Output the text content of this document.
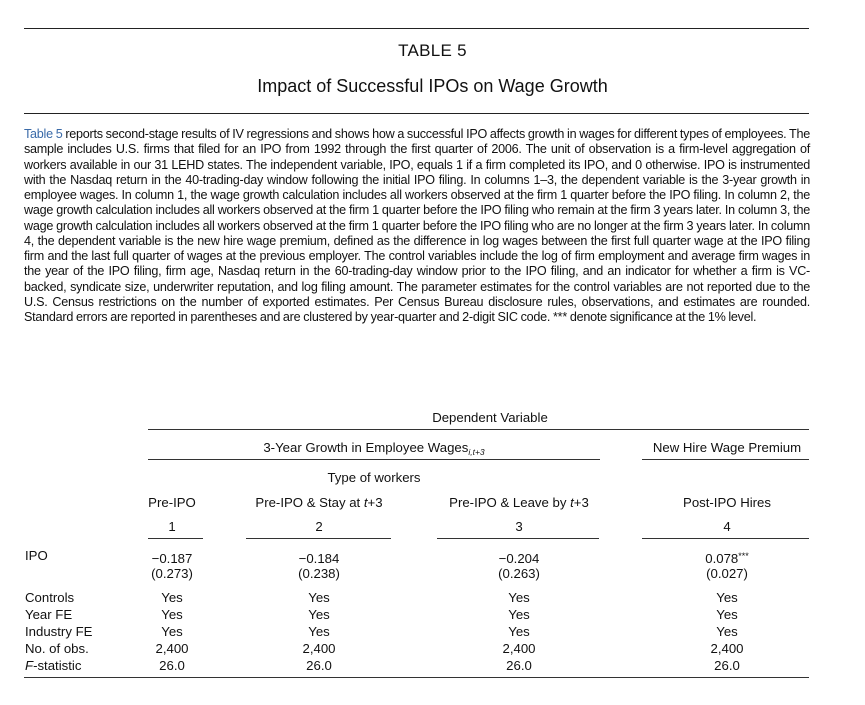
TABLE 5
Impact of Successful IPOs on Wage Growth
Table 5 reports second-stage results of IV regressions and shows how a successful IPO affects growth in wages for different types of employees. The sample includes U.S. firms that filed for an IPO from 1992 through the first quarter of 2006. The unit of observation is a firm-level aggregation of workers available in our 31 LEHD states. The independent variable, IPO, equals 1 if a firm completed its IPO, and 0 otherwise. IPO is instrumented with the Nasdaq return in the 40-trading-day window following the initial IPO filing. In columns 1–3, the dependent variable is the 3-year growth in employee wages. In column 1, the wage growth calculation includes all workers observed at the firm 1 quarter before the IPO filing. In column 2, the wage growth calculation includes all workers observed at the firm 1 quarter before the IPO filing who remain at the firm 3 years later. In column 3, the wage growth calculation includes all workers observed at the firm 1 quarter before the IPO filing who are no longer at the firm 3 years later. In column 4, the dependent variable is the new hire wage premium, defined as the difference in log wages between the first full quarter wage at the IPO filing firm and the last full quarter of wages at the previous employer. The control variables include the log of firm employment and average firm wages in the year of the IPO filing, firm age, Nasdaq return in the 60-trading-day window prior to the IPO filing, and an indicator for whether a firm is VC-backed, syndicate size, underwriter reputation, and log filing amount. The parameter estimates for the control variables are not reported due to the U.S. Census restrictions on the number of exported estimates. Per Census Bureau disclosure rules, observations, and estimates are rounded. Standard errors are reported in parentheses and are clustered by year-quarter and 2-digit SIC code. *** denote significance at the 1% level.
Dependent Variable
3-Year Growth in Employee Wages$_{i,t+3}$	New Hire Wage Premium
Type of workers
Pre-IPO	Pre-IPO & Stay at t+3	Pre-IPO & Leave by t+3	Post-IPO Hires
1	2	3	4
IPO	−0.187	−0.184	−0.204	0.078***
(0.273)	(0.238)	(0.263)	(0.027)
Controls	Yes	Yes	Yes	Yes
Year FE	Yes	Yes	Yes	Yes
Industry FE	Yes	Yes	Yes	Yes
No. of obs.	2,400	2,400	2,400	2,400
F-statistic	26.0	26.0	26.0	26.0
